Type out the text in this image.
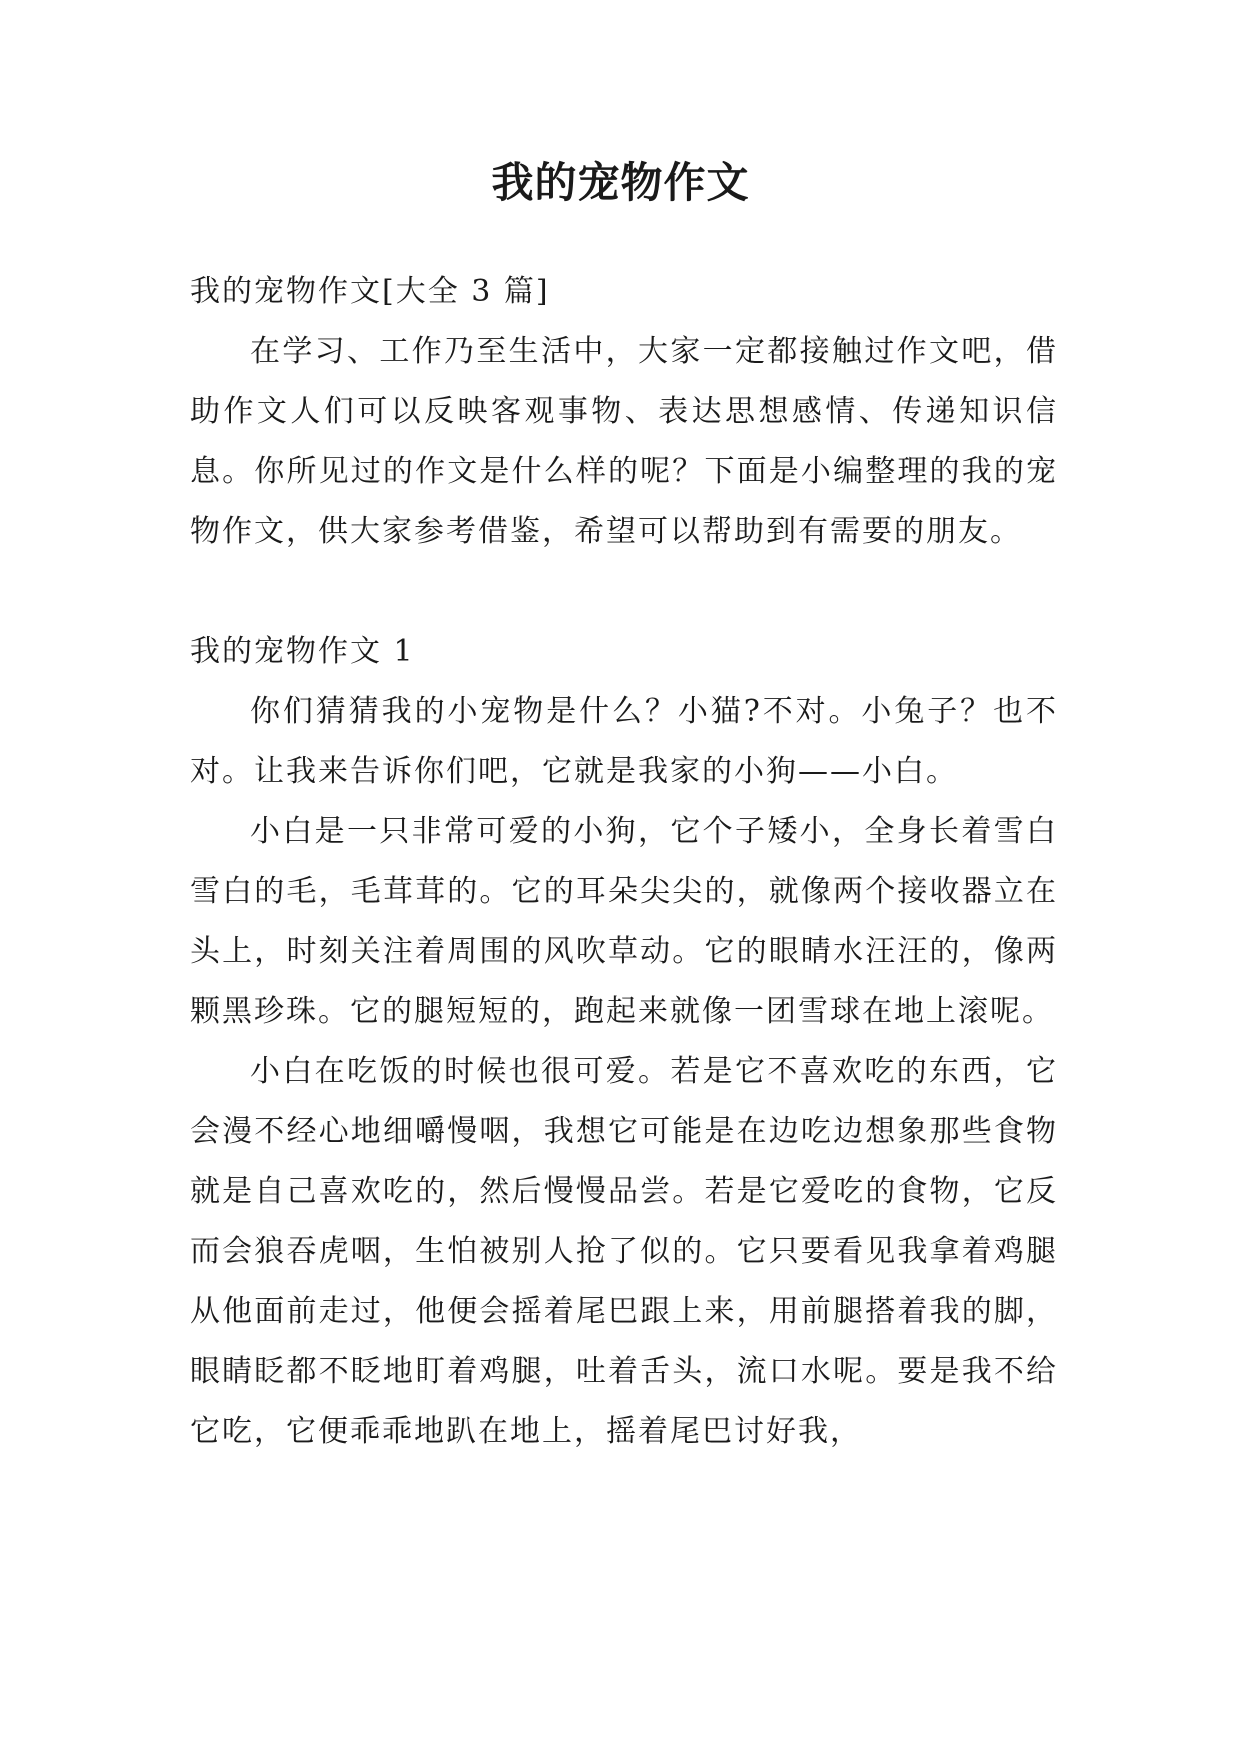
我的宠物作文

我的宠物作文[大全 3 篇]

在学习、工作乃至生活中，大家一定都接触过作文吧，借助作文人们可以反映客观事物、表达思想感情、传递知识信息。你所见过的作文是什么样的呢？下面是小编整理的我的宠物作文，供大家参考借鉴，希望可以帮助到有需要的朋友。

我的宠物作文 1

你们猜猜我的小宠物是什么？小猫?不对。小兔子？也不对。让我来告诉你们吧，它就是我家的小狗——小白。

小白是一只非常可爱的小狗，它个子矮小，全身长着雪白雪白的毛，毛茸茸的。它的耳朵尖尖的，就像两个接收器立在头上，时刻关注着周围的风吹草动。它的眼睛水汪汪的，像两颗黑珍珠。它的腿短短的，跑起来就像一团雪球在地上滚呢。

小白在吃饭的时候也很可爱。若是它不喜欢吃的东西，它会漫不经心地细嚼慢咽，我想它可能是在边吃边想象那些食物就是自己喜欢吃的，然后慢慢品尝。若是它爱吃的食物，它反而会狼吞虎咽，生怕被别人抢了似的。它只要看见我拿着鸡腿从他面前走过，他便会摇着尾巴跟上来，用前腿搭着我的脚，眼睛眨都不眨地盯着鸡腿，吐着舌头，流口水呢。要是我不给它吃，它便乖乖地趴在地上，摇着尾巴讨好我，
